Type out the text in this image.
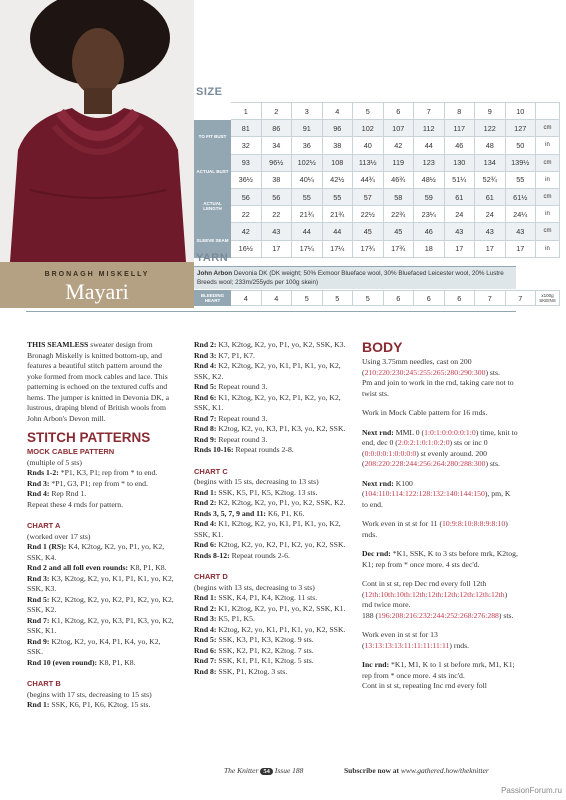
BRONAGH MISKELLY
Mayari
SIZE
	1	2	3	4	5	6	7	8	9	10	
TO FIT BUST	81	86	91	96	102	107	112	117	122	127	cm
	32	34	36	38	40	42	44	46	48	50	in
ACTUAL BUST	93	96½	102½	108	113½	119	123	130	134	139½	cm
	36½	38	40¼	42½	44¾	46¾	48½	51¼	52¾	55	in
ACTUAL LENGTH	56	56	55	55	57	58	59	61	61	61½	cm
	22	22	21¾	21¾	22½	22¾	23¼	24	24	24¼	in
SLEEVE SEAM	42	43	44	44	45	45	46	43	43	43	cm
	16½	17	17¼	17¼	17¾	17¾	18	17	17	17	in
YARN
John Arbon Devonia DK (DK weight; 50% Exmoor Blueface wool, 30% Bluefaced Leicester wool, 20% Lustre Breeds wool; 233m/255yds per 100g skein)
BLEEDING HEART	4	4	5	5	5	6	6	6	7	7	x100g SKEINS

THIS SEAMLESS sweater design from Bronagh Miskelly is knitted bottom-up, and features a beautiful stitch pattern around the yoke formed from mock cables and lace. This patterning is echoed on the textured cuffs and hems. The jumper is knitted in Devonia DK, a lustrous, draping blend of British wools from John Arbon's Devon mill.

STITCH PATTERNS
MOCK CABLE PATTERN

(multiple of 5 sts)

Rnds 1-2: *P1, K3, P1; rep from * to end.

Rnd 3: *P1, G3, P1; rep from * to end.

Rnd 4: Rep Rnd 1.

Repeat these 4 rnds for pattern.

CHART A

(worked over 17 sts)

Rnd 1 (RS): K4, K2tog, K2, yo, P1, yo, K2, SSK, K4.

Rnd 2 and all foll even rounds: K8, P1, K8.

Rnd 3: K3, K2tog, K2, yo, K1, P1, K1, yo, K2, SSK, K3.

Rnd 5: K2, K2tog, K2, yo, K2, P1, K2, yo, K2, SSK, K2.

Rnd 7: K1, K2tog, K2, yo, K3, P1, K3, yo, K2, SSK, K1.

Rnd 9: K2tog, K2, yo, K4, P1, K4, yo, K2, SSK.

Rnd 10 (even round): K8, P1, K8.

CHART B

(begins with 17 sts, decreasing to 15 sts)

Rnd 1: SSK, K6, P1, K6, K2tog. 15 sts.

Rnd 2: K3, K2tog, K2, yo, P1, yo, K2, SSK, K3.

Rnd 3: K7, P1, K7.

Rnd 4: K2, K2tog, K2, yo, K1, P1, K1, yo, K2, SSK, K2.

Rnd 5: Repeat round 3.

Rnd 6: K1, K2tog, K2, yo, K2, P1, K2, yo, K2, SSK, K1.

Rnd 7: Repeat round 3.

Rnd 8: K2tog, K2, yo, K3, P1, K3, yo, K2, SSK.

Rnd 9: Repeat round 3.

Rnds 10-16: Repeat rounds 2-8.

CHART C

(begins with 15 sts, decreasing to 13 sts)

Rnd 1: SSK, K5, P1, K5, K2tog. 13 sts.

Rnd 2: K2, K2tog, K2, yo, P1, yo, K2, SSK, K2.

Rnds 3, 5, 7, 9 and 11: K6, P1, K6.

Rnd 4: K1, K2tog, K2, yo, K1, P1, K1, yo, K2, SSK, K1.

Rnd 6: K2tog, K2, yo, K2, P1, K2, yo, K2, SSK.

Rnds 8-12: Repeat rounds 2-6.

CHART D

(begins with 13 sts, decreasing to 3 sts)

Rnd 1: SSK, K4, P1, K4, K2tog. 11 sts.

Rnd 2: K1, K2tog, K2, yo, P1, yo, K2, SSK, K1.

Rnd 3: K5, P1, K5.

Rnd 4: K2tog, K2, yo, K1, P1, K1, yo, K2, SSK.

Rnd 5: SSK, K3, P1, K3, K2tog. 9 sts.

Rnd 6: SSK, K2, P1, K2, K2tog. 7 sts.

Rnd 7: SSK, K1, P1, K1, K2tog. 5 sts.

Rnd 8: SSK, P1, K2tog. 3 sts.

BODY

Using 3.75mm needles, cast on 200 (210:220:230:245:255:265:280:290:300) sts.

Pm and join to work in the rnd, taking care not to twist sts.

Work in Mock Cable pattern for 16 rnds.

Next rnd: MML 0 (1:0:1:0:0:0:0:1:0) time, knit to end, dec 0 (2:0:2:1:0:1:0:2:0) sts or inc 0 (0:0:0:0:1:0:0:0:0) st evenly around. 200 (208:220:228:244:256:264:280:288:300) sts.

Next rnd: K100 (104:110:114:122:128:132:140:144:150), pm, K to end.

Work even in st st for 11 (10:9:8:10:8:8:9:8:10) rnds.

Dec rnd: *K1, SSK, K to 3 sts before mrk, K2tog, K1; rep from * once more. 4 sts dec'd.

Cont in st st, rep Dec rnd every foll 12th (12th:10th:10th:12th:12th:12th:12th:12th:12th) rnd twice more.
188 (196:208:216:232:244:252:268:276:288) sts.

Work even in st st for 13 (13:13:13:13:11:11:11:11:11) rnds.

Inc rnd: *K1, M1, K to 1 st before mrk, M1, K1; rep from * once more. 4 sts inc'd.

Cont in st st, repeating Inc rnd every foll

The Knitter 54 Issue 188	Subscribe now at www.gathered.how/theknitter
PassionForum.ru
